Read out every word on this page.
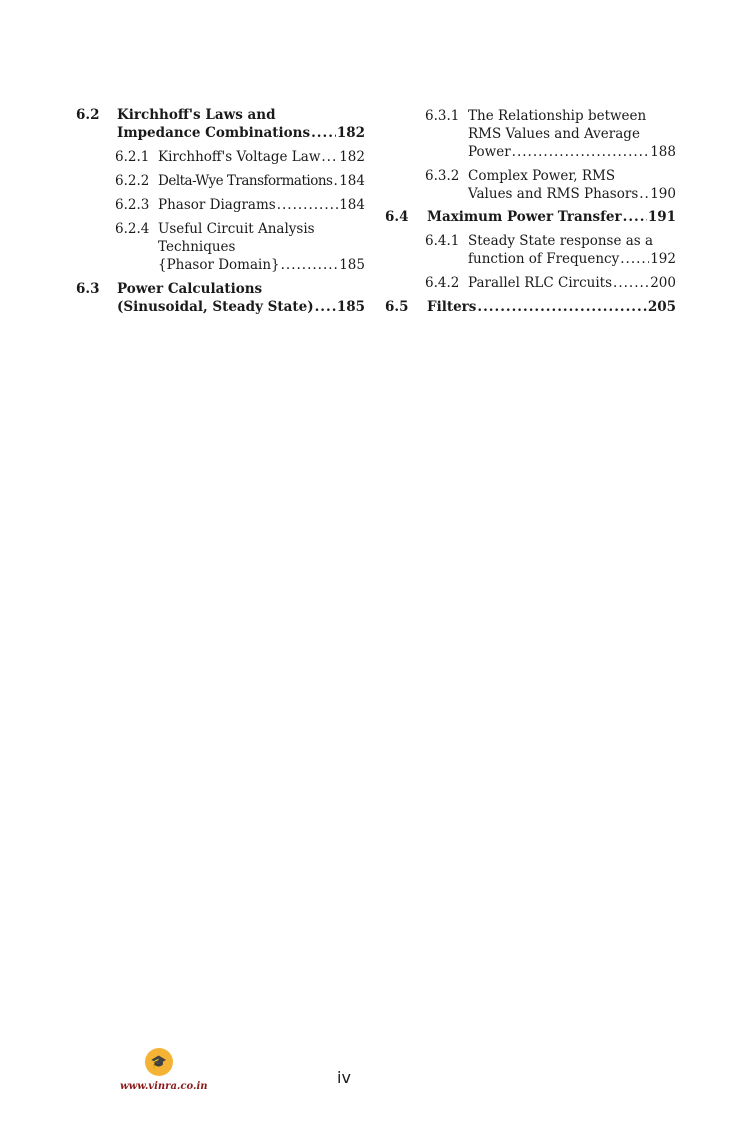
6.2 Kirchhoff's Laws and
Impedance Combinations ..... 182
6.2.1 Kirchhoff's Voltage Law ..... 182
6.2.2 Delta-Wye Transformations ..... 184
6.2.3 Phasor Diagrams .....	184
6.2.4 Useful Circuit Analysis
Techniques
{Phasor Domain} .....	185
6.3 Power Calculations
(Sinusoidal, Steady State) ..... 185
6.3.1 The Relationship between
RMS Values and Average
Power .....	188
6.3.2 Complex Power, RMS
Values and RMS Phasors ..... 190
6.4 Maximum Power Transfer ..... 191
6.4.1 Steady State response as a
function of Frequency ..... 192
6.4.2 Parallel RLC Circuits .....	200
6.5 Filters .....	205
🎓
www.vinra.co.in	iv
